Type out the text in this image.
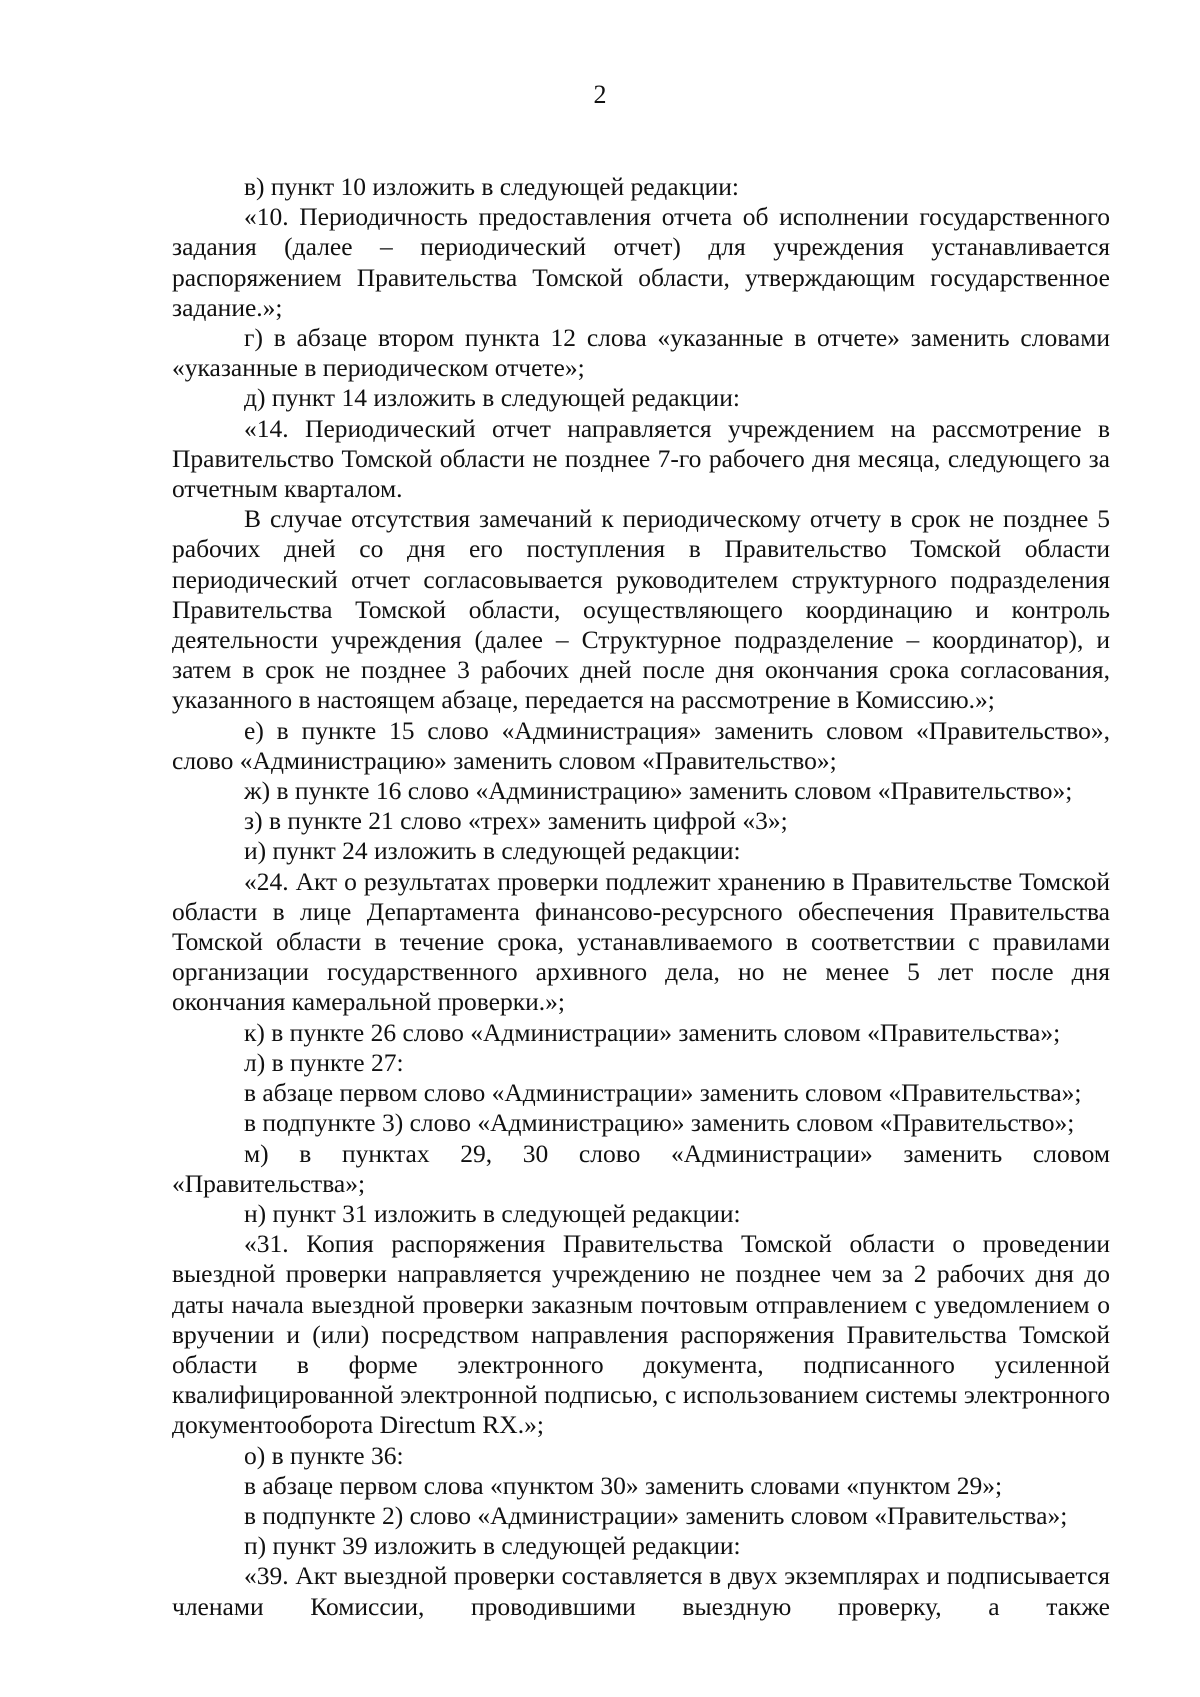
2

в) пункт 10 изложить в следующей редакции:

«10. Периодичность предоставления отчета об исполнении государственного задания (далее – периодический отчет) для учреждения устанавливается распоряжением Правительства Томской области, утверждающим государственное задание.»;

г) в абзаце втором пункта 12 слова «указанные в отчете» заменить словами «указанные в периодическом отчете»;

д) пункт 14 изложить в следующей редакции:

«14. Периодический отчет направляется учреждением на рассмотрение в Правительство Томской области не позднее 7-го рабочего дня месяца, следующего за отчетным кварталом.

В случае отсутствия замечаний к периодическому отчету в срок не позднее 5 рабочих дней со дня его поступления в Правительство Томской области периодический отчет согласовывается руководителем структурного подразделения Правительства Томской области, осуществляющего координацию и контроль деятельности учреждения (далее – Структурное подразделение – координатор), и затем в срок не позднее 3 рабочих дней после дня окончания срока согласования, указанного в настоящем абзаце, передается на рассмотрение в Комиссию.»;

е) в пункте 15 слово «Администрация» заменить словом «Правительство», слово «Администрацию» заменить словом «Правительство»;

ж) в пункте 16 слово «Администрацию» заменить словом «Правительство»;

з) в пункте 21 слово «трех» заменить цифрой «3»;

и) пункт 24 изложить в следующей редакции:

«24. Акт о результатах проверки подлежит хранению в Правительстве Томской области в лице Департамента финансово-ресурсного обеспечения Правительства Томской области в течение срока, устанавливаемого в соответствии с правилами организации государственного архивного дела, но не менее 5 лет после дня окончания камеральной проверки.»;

к) в пункте 26 слово «Администрации» заменить словом «Правительства»;

л) в пункте 27:

в абзаце первом слово «Администрации» заменить словом «Правительства»;

в подпункте 3) слово «Администрацию» заменить словом «Правительство»;

м) в пунктах 29, 30 слово «Администрации» заменить словом «Правительства»;

н) пункт 31 изложить в следующей редакции:

«31. Копия распоряжения Правительства Томской области о проведении выездной проверки направляется учреждению не позднее чем за 2 рабочих дня до даты начала выездной проверки заказным почтовым отправлением с уведомлением о вручении и (или) посредством направления распоряжения Правительства Томской области в форме электронного документа, подписанного усиленной квалифицированной электронной подписью, с использованием системы электронного документооборота Directum RX.»;

о) в пункте 36:

в абзаце первом слова «пунктом 30» заменить словами «пунктом 29»;

в подпункте 2) слово «Администрации» заменить словом «Правительства»;

п) пункт 39 изложить в следующей редакции:

«39. Акт выездной проверки составляется в двух экземплярах и подписывается членами Комиссии, проводившими выездную проверку, а также
